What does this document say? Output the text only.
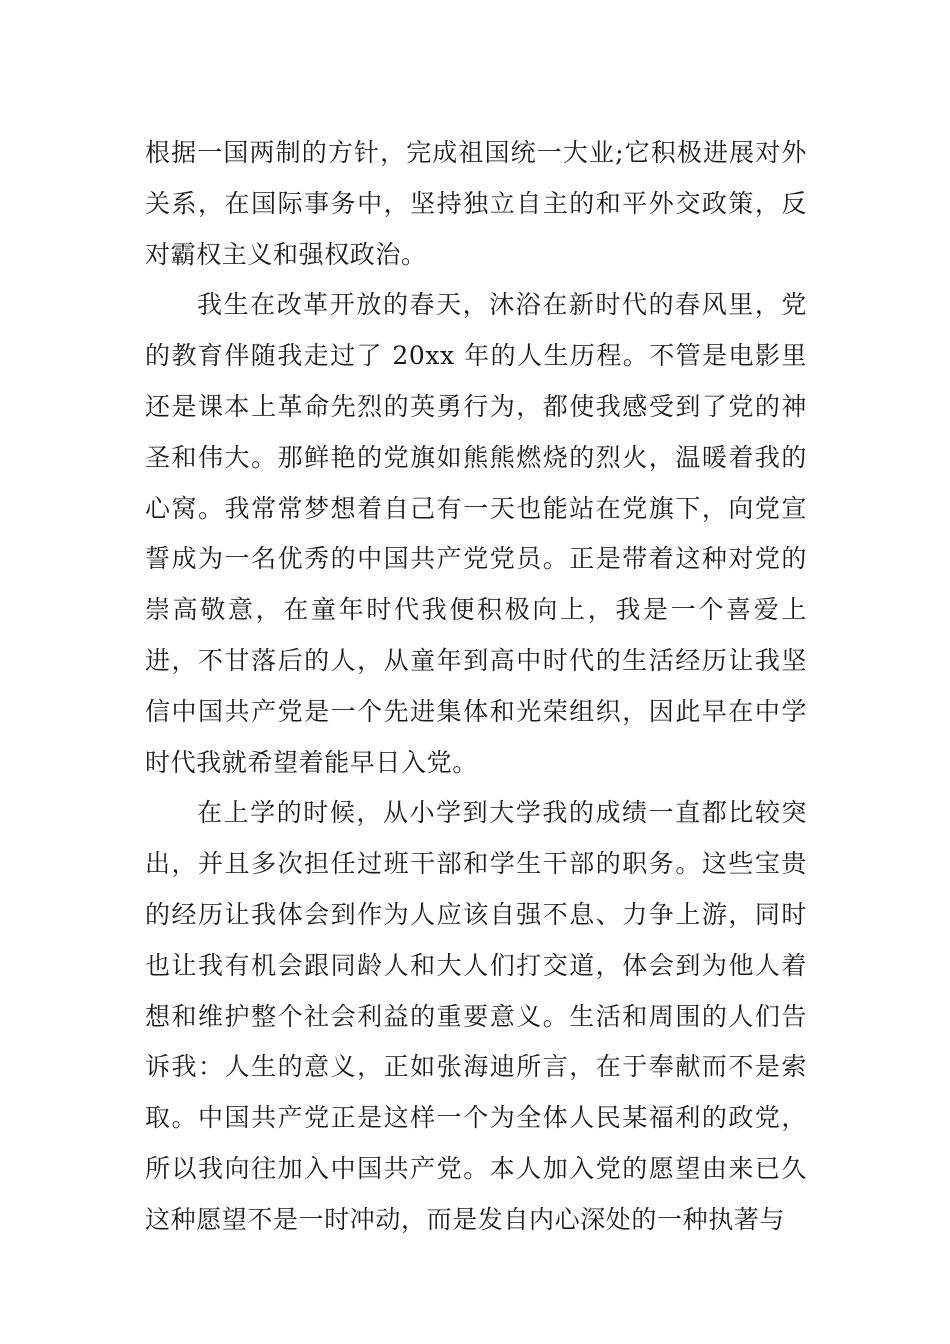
根据一国两制的方针，完成祖国统一大业;它积极进展对外关系，在国际事务中，坚持独立自主的和平外交政策，反对霸权主义和强权政治。

我生在改革开放的春天，沐浴在新时代的春风里，党的教育伴随我走过了 20xx 年的人生历程。不管是电影里还是课本上革命先烈的英勇行为，都使我感受到了党的神圣和伟大。那鲜艳的党旗如熊熊燃烧的烈火，温暖着我的心窝。我常常梦想着自己有一天也能站在党旗下，向党宣誓成为一名优秀的中国共产党党员。正是带着这种对党的崇高敬意，在童年时代我便积极向上，我是一个喜爱上进，不甘落后的人，从童年到高中时代的生活经历让我坚信中国共产党是一个先进集体和光荣组织，因此早在中学时代我就希望着能早日入党。

在上学的时候，从小学到大学我的成绩一直都比较突出，并且多次担任过班干部和学生干部的职务。这些宝贵的经历让我体会到作为人应该自强不息、力争上游，同时也让我有机会跟同龄人和大人们打交道，体会到为他人着想和维护整个社会利益的重要意义。生活和周围的人们告诉我：人生的意义，正如张海迪所言，在于奉献而不是索取。中国共产党正是这样一个为全体人民某福利的政党，所以我向往加入中国共产党。本人加入党的愿望由来已久这种愿望不是一时冲动，而是发自内心深处的一种执著与
